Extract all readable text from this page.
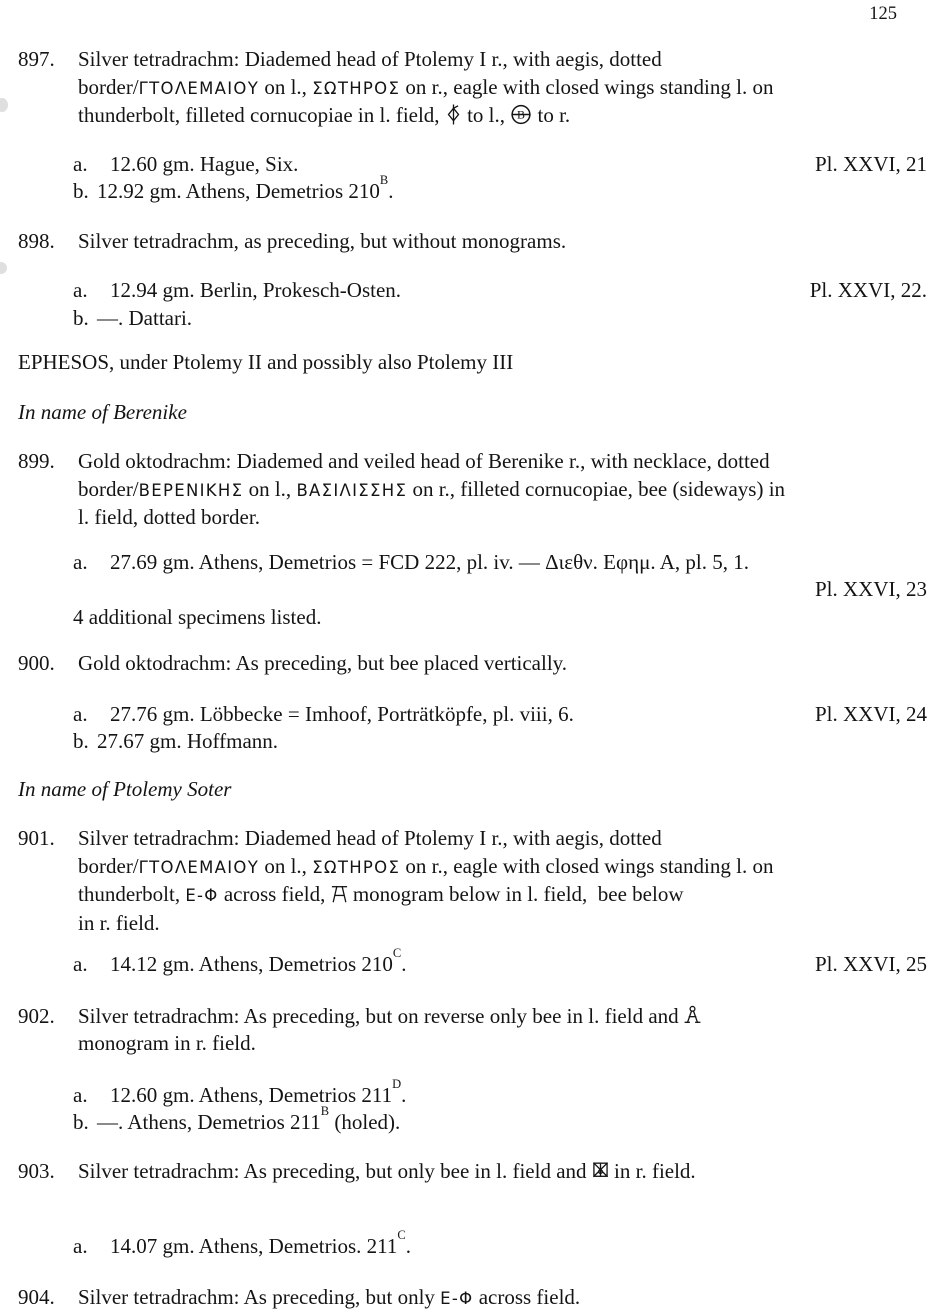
125
897. Silver tetradrachm: Diademed head of Ptolemy I r., with aegis, dotted
border/ΓΤΟΛΕΜΑΙΟΥ on l., ΣΩΤΗΡΟΣ on r., eagle with closed wings standing l. on
thunderbolt, filleted cornucopiae in l. field,  to l.,  to r.
a. 12.60 gm. Hague, Six.	Pl. XXVI, 21
b. 12.92 gm. Athens, Demetrios $210^B$.
898. Silver tetradrachm, as preceding, but without monograms.
a. 12.94 gm. Berlin, Prokesch-Osten.	Pl. XXVI, 22.
b. —. Dattari.
EPHESOS, under Ptolemy II and possibly also Ptolemy III
In name of Berenike
899. Gold oktodrachm: Diademed and veiled head of Berenike r., with necklace, dotted
border/ΒΕΡΕΝΙΚΗΣ on l., ΒΑΣΙΛΙΣΣΗΣ on r., filleted cornucopiae, bee (sideways) in
l. field, dotted border.
a. 27.69 gm. Athens, Demetrios = FCD 222, pl. iv. — Διεθν. Εφημ. Α, pl. 5, 1.
Pl. XXVI, 23
4 additional specimens listed.
900. Gold oktodrachm: As preceding, but bee placed vertically.
a. 27.76 gm. Löbbecke = Imhoof, Porträtköpfe, pl. viii, 6.	Pl. XXVI, 24
b. 27.67 gm. Hoffmann.
In name of Ptolemy Soter
901. Silver tetradrachm: Diademed head of Ptolemy I r., with aegis, dotted
border/ΓΤΟΛΕΜΑΙΟΥ on l., ΣΩΤΗΡΟΣ on r., eagle with closed wings standing l. on
thunderbolt, E-Φ across field,  monogram below in l. field,  bee below
in r. field.
a. 14.12 gm. Athens, Demetrios $210^C$.	Pl. XXVI, 25
902. Silver tetradrachm: As preceding, but on reverse only bee in l. field and
monogram in r. field.
a. 12.60 gm. Athens, Demetrios $211^D$.
b. —. Athens, Demetrios $211^B$ (holed).
903. Silver tetradrachm: As preceding, but only bee in l. field and  in r. field.
a. 14.07 gm. Athens, Demetrios. $211^C$.
904. Silver tetradrachm: As preceding, but only E-Φ across field.
